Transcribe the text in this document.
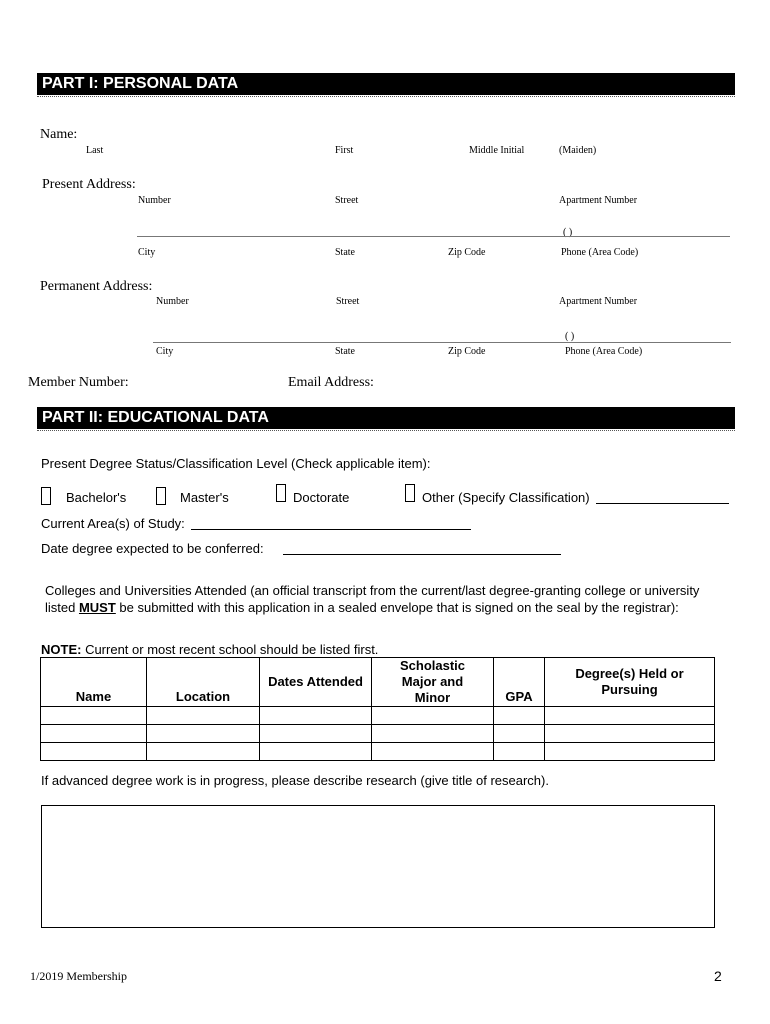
PART I: PERSONAL DATA
Name:
Last	First	Middle Initial	(Maiden)
Present Address:
Number	Street	Apartment Number
( )
City	State	Zip Code	Phone (Area Code)
Permanent Address:
Number	Street	Apartment Number
( )
City	State	Zip Code	Phone (Area Code)
Member Number:	Email Address:
PART II: EDUCATIONAL DATA
Present Degree Status/Classification Level (Check applicable item):
Bachelor's	Master's	Doctorate	Other (Specify Classification)
Current Area(s) of Study:
Date degree expected to be conferred:
Colleges and Universities Attended (an official transcript from the current/last degree-granting college or university
listed MUST be submitted with this application in a sealed envelope that is signed on the seal by the registrar):
NOTE: Current or most recent school should be listed first.
Name	Location	Dates Attended	Scholastic Major and Minor	GPA	Degree(s) Held or Pursuing

If advanced degree work is in progress, please describe research (give title of research).
1/2019 Membership	2
